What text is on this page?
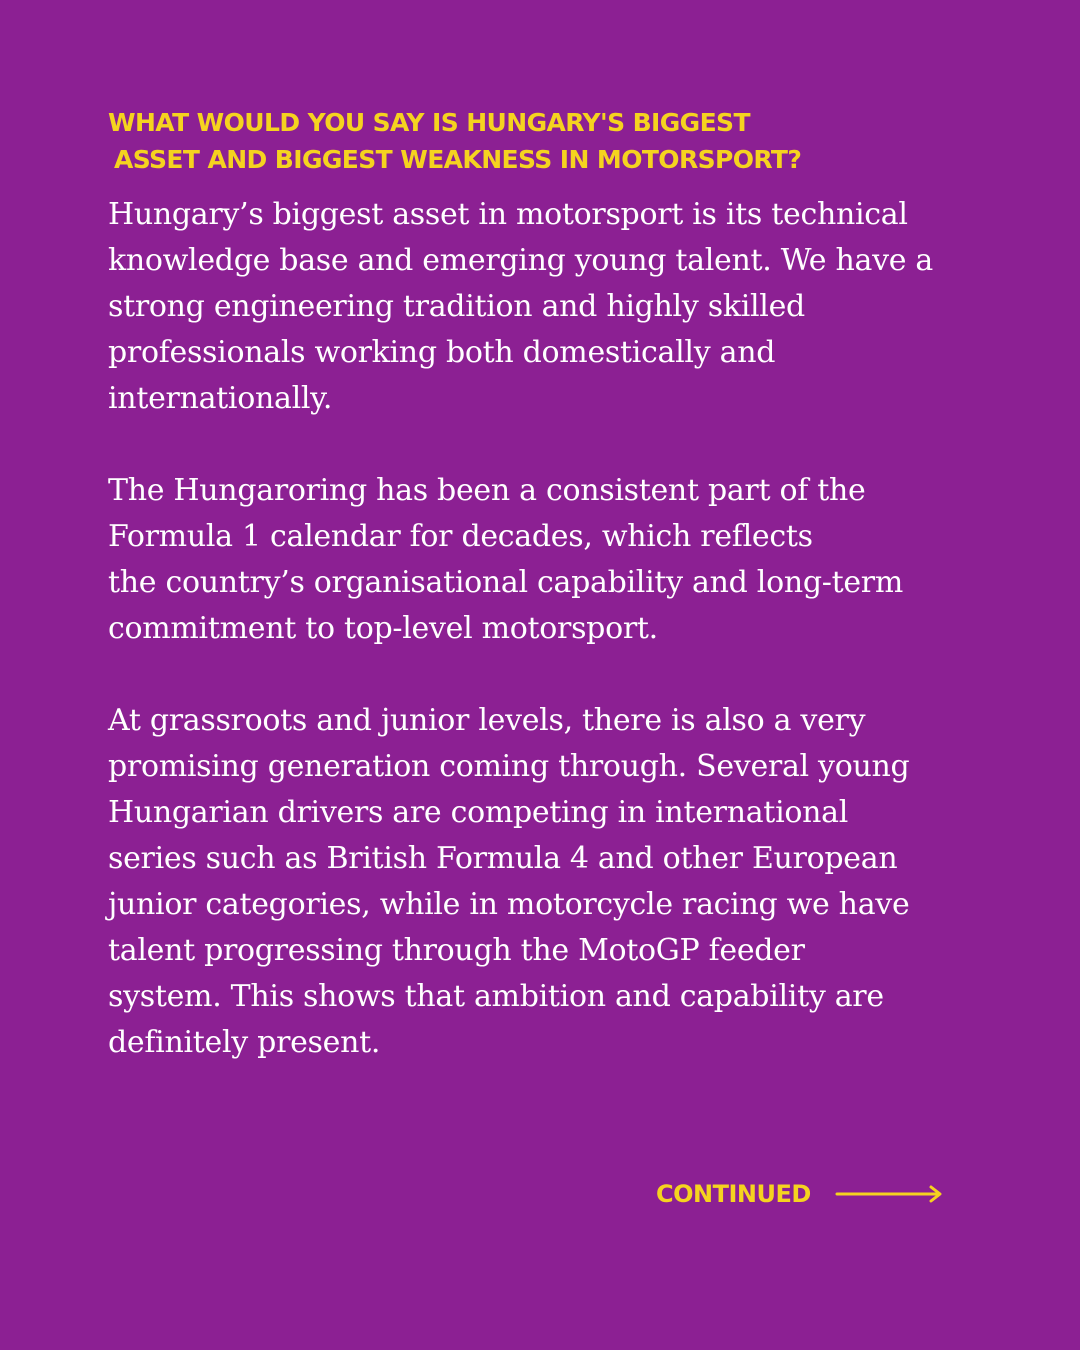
WHAT WOULD YOU SAY IS HUNGARY'S BIGGEST
ASSET AND BIGGEST WEAKNESS IN MOTORSPORT?

Hungary’s biggest asset in motorsport is its technical
knowledge base and emerging young talent. We have a
strong engineering tradition and highly skilled
professionals working both domestically and
internationally.

The Hungaroring has been a consistent part of the
Formula 1 calendar for decades, which reflects
the country’s organisational capability and long-term
commitment to top-level motorsport.

At grassroots and junior levels, there is also a very
promising generation coming through. Several young
Hungarian drivers are competing in international
series such as British Formula 4 and other European
junior categories, while in motorcycle racing we have
talent progressing through the MotoGP feeder
system. This shows that ambition and capability are
definitely present.

CONTINUED
